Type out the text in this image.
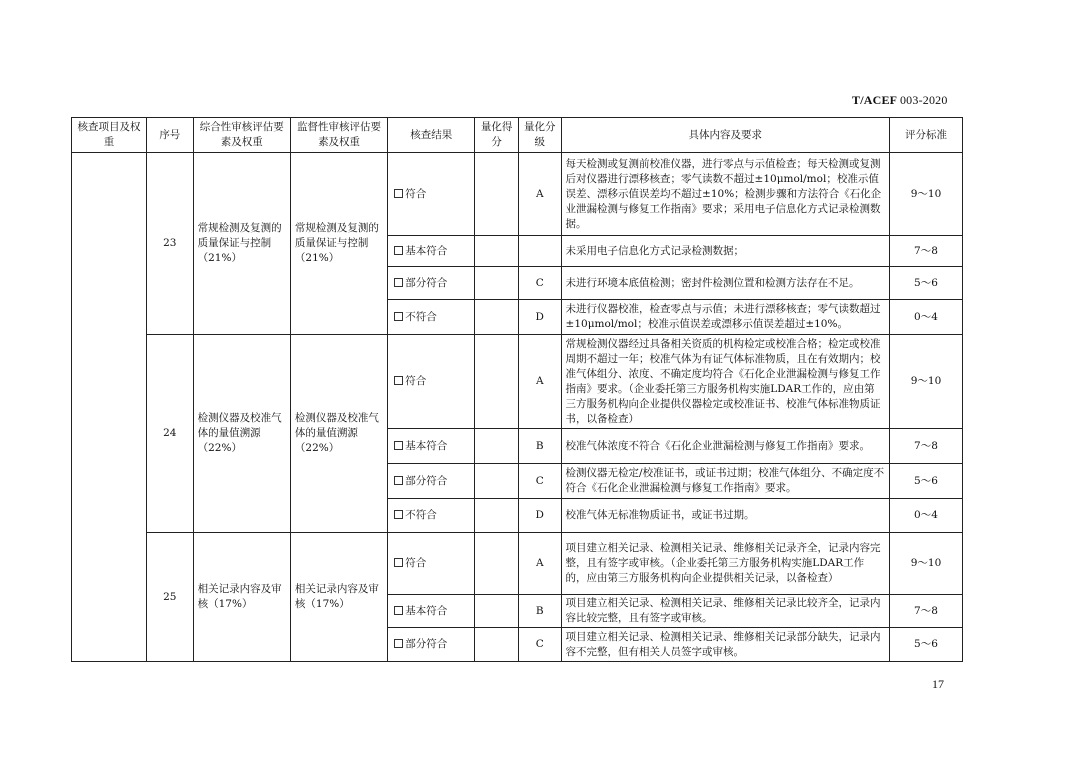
T/ACEF 003-2020
核查项目及权重	序号	综合性审核评估要素及权重	监督性审核评估要素及权重	核查结果	量化得分	量化分级	具体内容及要求	评分标准
	23	常规检测及复测的质量保证与控制（21%）	常规检测及复测的质量保证与控制（21%）	符合		A	每天检测或复测前校准仪器，进行零点与示值检查；每天检测或复测后对仪器进行漂移核查；零气读数不超过±10μmol/mol；校准示值误差、漂移示值误差均不超过±10%；检测步骤和方法符合《石化企业泄漏检测与修复工作指南》要求；采用电子信息化方式记录检测数据。	9～10
				基本符合			未采用电子信息化方式记录检测数据；	7～8
				部分符合		C	未进行环境本底值检测；密封件检测位置和检测方法存在不足。	5～6
				不符合		D	未进行仪器校准，检查零点与示值；未进行漂移核查；零气读数超过±10μmol/mol；校准示值误差或漂移示值误差超过±10%。	0～4
	24	检测仪器及校准气体的量值溯源（22%）	检测仪器及校准气体的量值溯源（22%）	符合		A	常规检测仪器经过具备相关资质的机构检定或校准合格；检定或校准周期不超过一年；校准气体为有证气体标准物质，且在有效期内；校准气体组分、浓度、不确定度均符合《石化企业泄漏检测与修复工作指南》要求。（企业委托第三方服务机构实施LDAR工作的，应由第三方服务机构向企业提供仪器检定或校准证书、校准气体标准物质证书，以备检查）	9～10
				基本符合		B	校准气体浓度不符合《石化企业泄漏检测与修复工作指南》要求。	7～8
				部分符合		C	检测仪器无检定/校准证书，或证书过期；校准气体组分、不确定度不符合《石化企业泄漏检测与修复工作指南》要求。	5～6
				不符合		D	校准气体无标准物质证书，或证书过期。	0～4
	25	相关记录内容及审核（17%）	相关记录内容及审核（17%）	符合		A	项目建立相关记录、检测相关记录、维修相关记录齐全，记录内容完整，且有签字或审核。（企业委托第三方服务机构实施LDAR工作的，应由第三方服务机构向企业提供相关记录，以备检查）	9～10
				基本符合		B	项目建立相关记录、检测相关记录、维修相关记录比较齐全，记录内容比较完整，且有签字或审核。	7～8
				部分符合		C	项目建立相关记录、检测相关记录、维修相关记录部分缺失，记录内容不完整，但有相关人员签字或审核。	5～6
17
